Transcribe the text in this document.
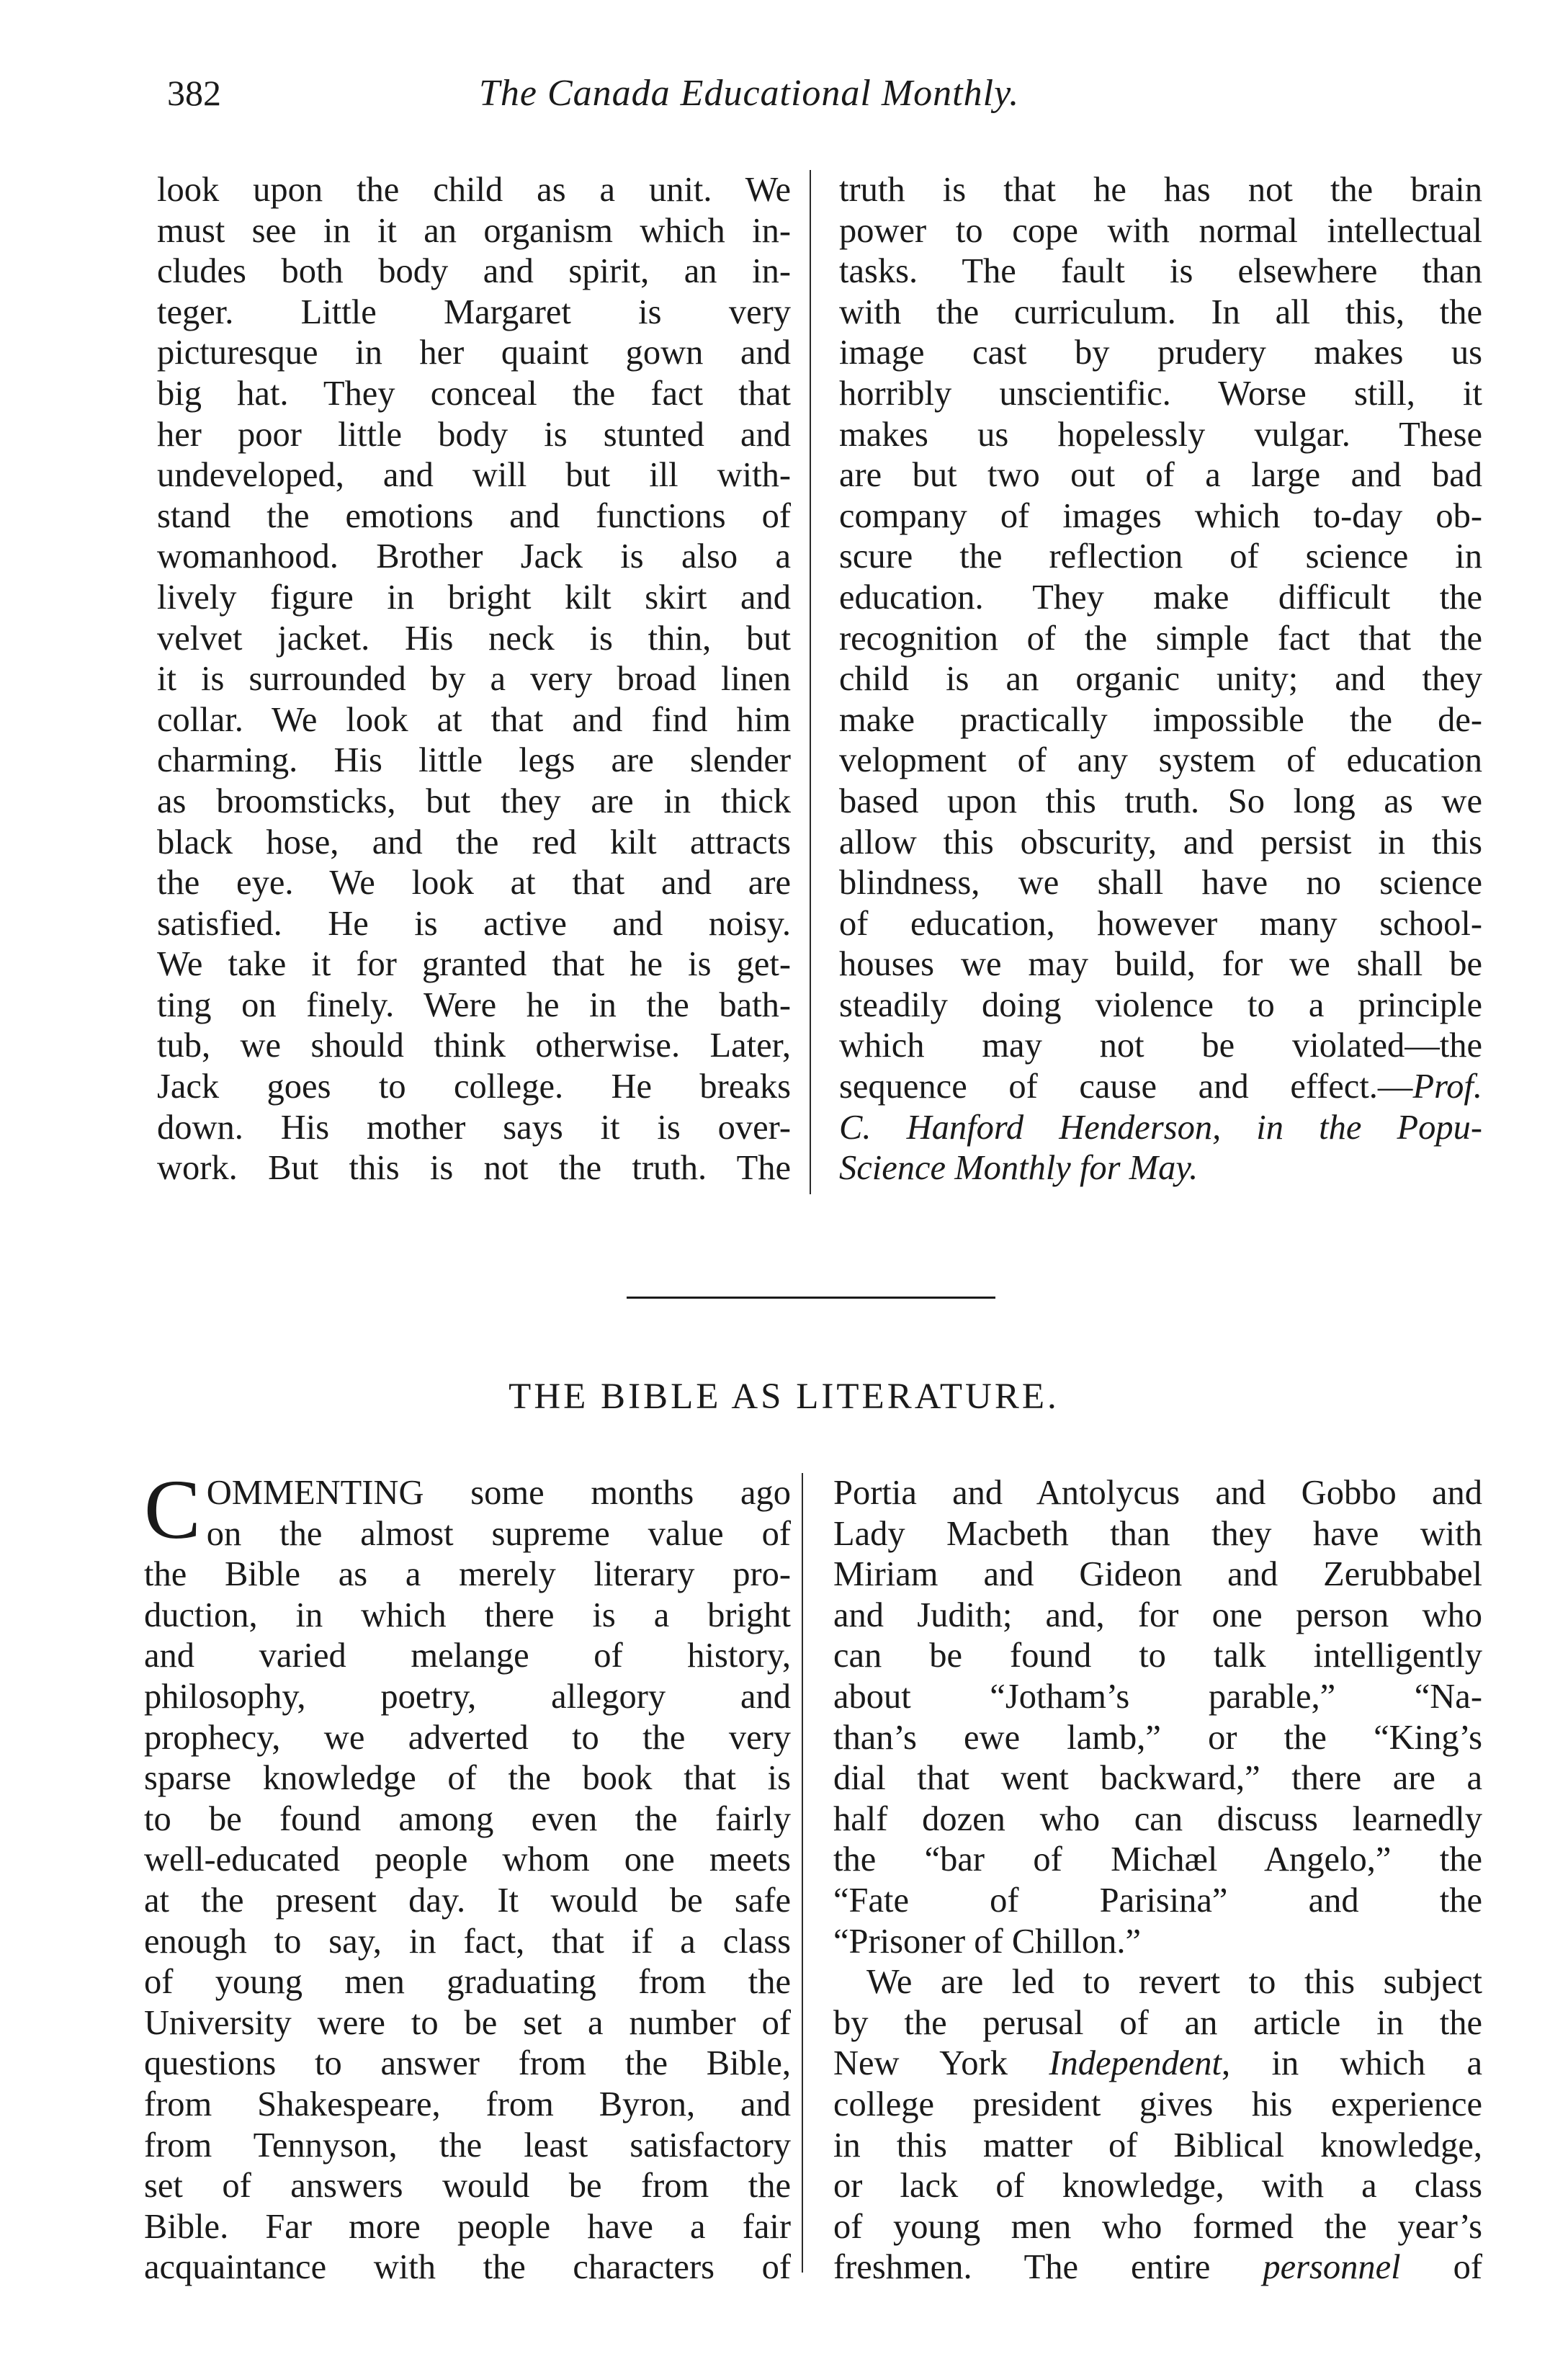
382	The Canada Educational Monthly.
look upon the child as a unit. We
must see in it an organism which in-
cludes both body and spirit, an in-
teger. Little Margaret is very
picturesque in her quaint gown and
big hat. They conceal the fact that
her poor little body is stunted and
undeveloped, and will but ill with-
stand the emotions and functions of
womanhood. Brother Jack is also a
lively figure in bright kilt skirt and
velvet jacket. His neck is thin, but
it is surrounded by a very broad linen
collar. We look at that and find him
charming. His little legs are slender
as broomsticks, but they are in thick
black hose, and the red kilt attracts
the eye. We look at that and are
satisfied. He is active and noisy.
We take it for granted that he is get-
ting on finely. Were he in the bath-
tub, we should think otherwise. Later,
Jack goes to college. He breaks
down. His mother says it is over-
work. But this is not the truth. The
truth is that he has not the brain
power to cope with normal intellectual
tasks. The fault is elsewhere than
with the curriculum. In all this, the
image cast by prudery makes us
horribly unscientific. Worse still, it
makes us hopelessly vulgar. These
are but two out of a large and bad
company of images which to-day ob-
scure the reflection of science in
education. They make difficult the
recognition of the simple fact that the
child is an organic unity; and they
make practically impossible the de-
velopment of any system of education
based upon this truth. So long as we
allow this obscurity, and persist in this
blindness, we shall have no science
of education, however many school-
houses we may build, for we shall be
steadily doing violence to a principle
which may not be violated—the
sequence of cause and effect.—Prof.
C. Hanford Henderson, in the Popu-
Science Monthly for May.
THE BIBLE AS LITERATURE.
C OMMENTING some months ago
on the almost supreme value of
the Bible as a merely literary pro-
duction, in which there is a bright
and varied melange of history,
philosophy, poetry, allegory and
prophecy, we adverted to the very
sparse knowledge of the book that is
to be found among even the fairly
well-educated people whom one meets
at the present day. It would be safe
enough to say, in fact, that if a class
of young men graduating from the
University were to be set a number of
questions to answer from the Bible,
from Shakespeare, from Byron, and
from Tennyson, the least satisfactory
set of answers would be from the
Bible. Far more people have a fair
acquaintance with the characters of
Portia and Antolycus and Gobbo and
Lady Macbeth than they have with
Miriam and Gideon and Zerubbabel
and Judith; and, for one person who
can be found to talk intelligently
about “Jotham’s parable,” “Na-
than’s ewe lamb,” or the “King’s
dial that went backward,” there are a
half dozen who can discuss learnedly
the “bar of Michæl Angelo,” the
“Fate of Parisina” and the
“Prisoner of Chillon.”
We are led to revert to this subject
by the perusal of an article in the
New York Independent, in which a
college president gives his experience
in this matter of Biblical knowledge,
or lack of knowledge, with a class
of young men who formed the year’s
freshmen. The entire personnel of
